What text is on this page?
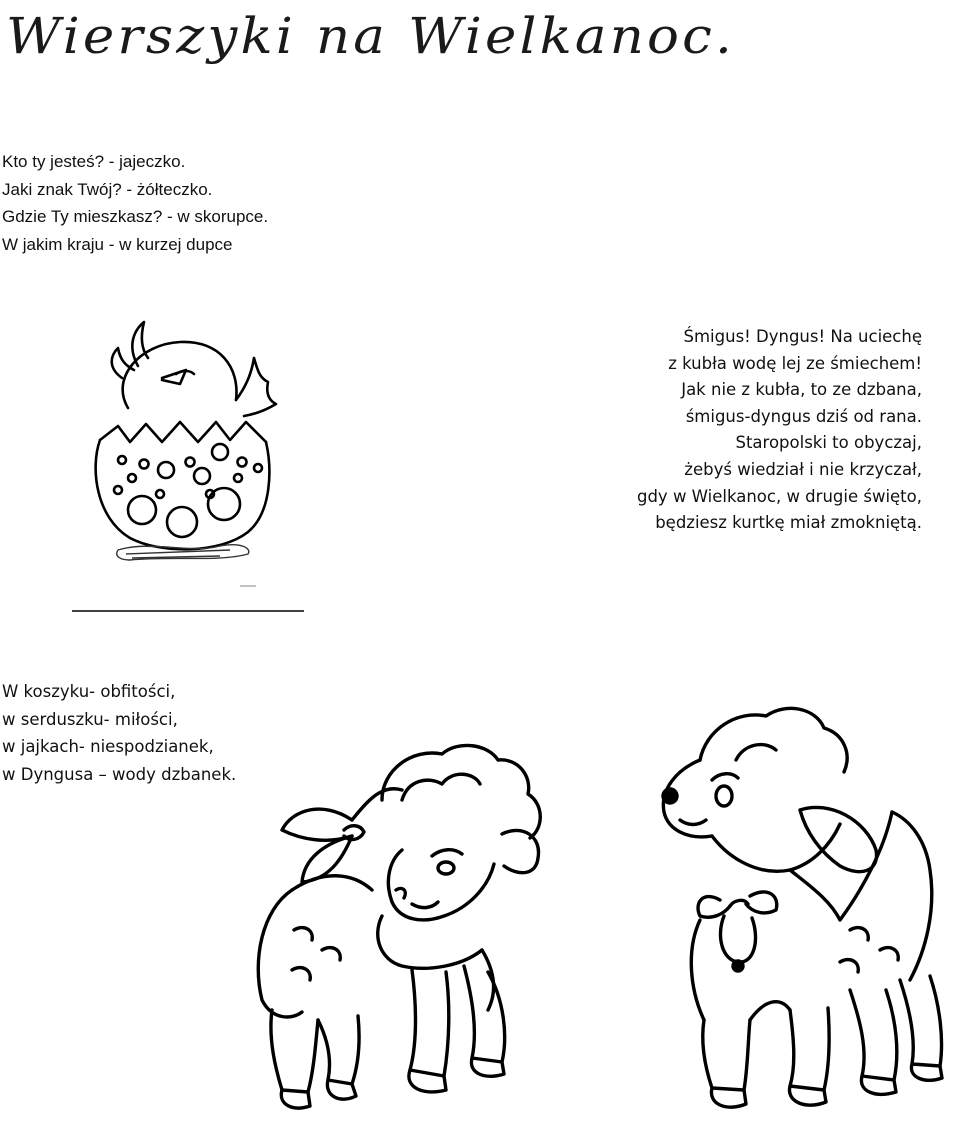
Wierszyki na Wielkanoc.
Kto ty jesteś? - jajeczko.
Jaki znak Twój? - żółteczko.
Gdzie Ty mieszkasz? - w skorupce.
W jakim kraju - w kurzej dupce
Śmigus! Dyngus! Na uciechę
z kubła wodę lej ze śmiechem!
Jak nie z kubła, to ze dzbana,
śmigus-dyngus dziś od rana.
Staropolski to obyczaj,
żebyś wiedział i nie krzyczał,
gdy w Wielkanoc, w drugie święto,
będziesz kurtkę miał zmokniętą.
W koszyku- obfitości,
w serduszku- miłości,
w jajkach- niespodzianek,
w Dyngusa – wody dzbanek.
